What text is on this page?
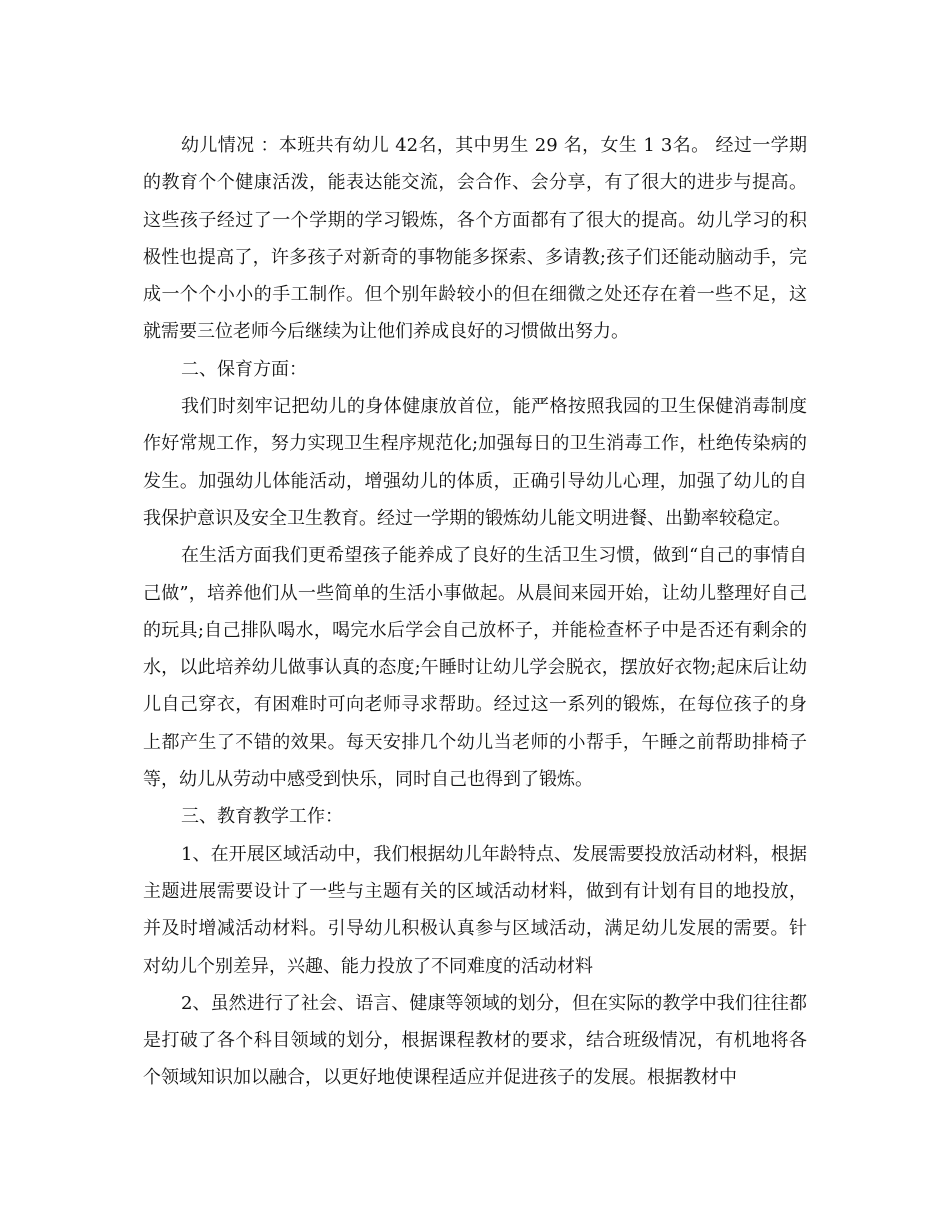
幼儿情况 ：本班共有幼儿 42名，其中男生 29 名，女生 1 3名。 经过一学期的教育个个健康活泼，能表达能交流，会合作、会分享，有了很大的进步与提高。这些孩子经过了一个学期的学习锻炼，各个方面都有了很大的提高。幼儿学习的积极性也提高了，许多孩子对新奇的事物能多探索、多请教;孩子们还能动脑动手，完成一个个小小的手工制作。但个别年龄较小的但在细微之处还存在着一些不足，这就需要三位老师今后继续为让他们养成良好的习惯做出努力。

二、保育方面：

我们时刻牢记把幼儿的身体健康放首位，能严格按照我园的卫生保健消毒制度作好常规工作，努力实现卫生程序规范化;加强每日的卫生消毒工作，杜绝传染病的发生。加强幼儿体能活动，增强幼儿的体质，正确引导幼儿心理，加强了幼儿的自我保护意识及安全卫生教育。经过一学期的锻炼幼儿能文明进餐、出勤率较稳定。

在生活方面我们更希望孩子能养成了良好的生活卫生习惯，做到“自己的事情自己做”，培养他们从一些简单的生活小事做起。从晨间来园开始，让幼儿整理好自己的玩具;自己排队喝水，喝完水后学会自己放杯子，并能检查杯子中是否还有剩余的水，以此培养幼儿做事认真的态度;午睡时让幼儿学会脱衣，摆放好衣物;起床后让幼儿自己穿衣，有困难时可向老师寻求帮助。经过这一系列的锻炼，在每位孩子的身上都产生了不错的效果。每天安排几个幼儿当老师的小帮手，午睡之前帮助排椅子等，幼儿从劳动中感受到快乐，同时自己也得到了锻炼。

三、教育教学工作：

1、在开展区域活动中，我们根据幼儿年龄特点、发展需要投放活动材料，根据主题进展需要设计了一些与主题有关的区域活动材料，做到有计划有目的地投放，并及时增减活动材料。引导幼儿积极认真参与区域活动，满足幼儿发展的需要。针对幼儿个别差异，兴趣、能力投放了不同难度的活动材料

2、虽然进行了社会、语言、健康等领域的划分，但在实际的教学中我们往往都是打破了各个科目领域的划分，根据课程教材的要求，结合班级情况，有机地将各个领域知识加以融合，以更好地使课程适应并促进孩子的发展。根据教材中
